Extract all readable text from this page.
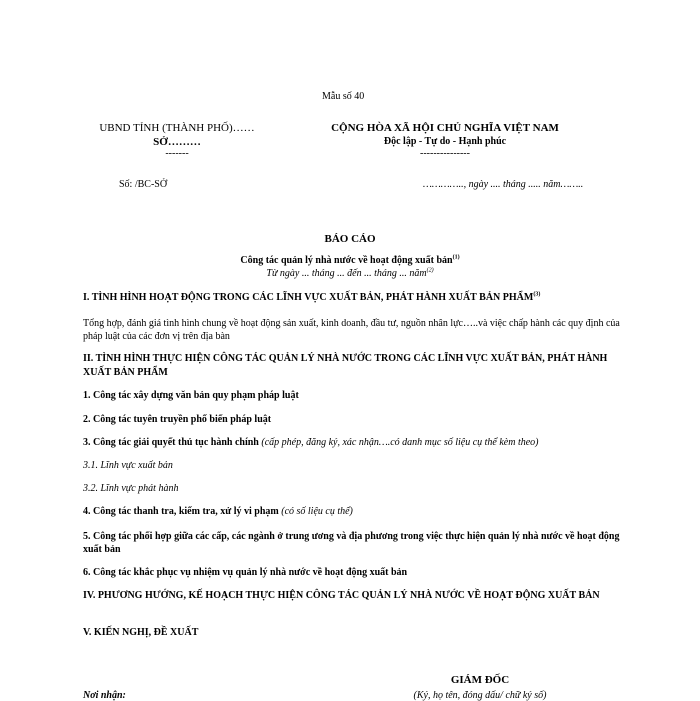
Mẫu số 40
UBND TỈNH (THÀNH PHỐ)……
SỞ………
-------
CỘNG HÒA XÃ HỘI CHỦ NGHĨA VIỆT NAM
Độc lập - Tự do - Hạnh phúc
---------------
Số: /BC-SỞ	………….., ngày .... tháng ..... năm……..
BÁO CÁO
Công tác quản lý nhà nước về hoạt động xuất bản$^{(1)}$
Từ ngày ... tháng ... đến ... tháng ... năm$^{(2)}$
I. TÌNH HÌNH HOẠT ĐỘNG TRONG CÁC LĨNH VỰC XUẤT BẢN, PHÁT HÀNH XUẤT BẢN PHẨM$^{(3)}$
Tổng hợp, đánh giá tình hình chung về hoạt động sản xuất, kinh doanh, đầu tư, nguồn nhân lực…..và việc chấp hành các quy định của pháp luật của các đơn vị trên địa bàn
II. TÌNH HÌNH THỰC HIỆN CÔNG TÁC QUẢN LÝ NHÀ NƯỚC TRONG CÁC LĨNH VỰC XUẤT BẢN, PHÁT HÀNH XUẤT BẢN PHẨM
1. Công tác xây dựng văn bản quy phạm pháp luật
2. Công tác tuyên truyền phổ biến pháp luật
3. Công tác giải quyết thủ tục hành chính (cấp phép, đăng ký, xác nhận….có danh mục số liệu cụ thể kèm theo)
3.1. Lĩnh vực xuất bản
3.2. Lĩnh vực phát hành
4. Công tác thanh tra, kiểm tra, xử lý vi phạm (có số liệu cụ thể)
5. Công tác phối hợp giữa các cấp, các ngành ở trung ương và địa phương trong việc thực hiện quản lý nhà nước về hoạt động xuất bản
6. Công tác khắc phục vụ nhiệm vụ quản lý nhà nước về hoạt động xuất bản
IV. PHƯƠNG HƯỚNG, KẾ HOẠCH THỰC HIỆN CÔNG TÁC QUẢN LÝ NHÀ NƯỚC VỀ HOẠT ĐỘNG XUẤT BẢN
V. KIẾN NGHỊ, ĐỀ XUẤT
GIÁM ĐỐC
(Ký, họ tên, đóng dấu/ chữ ký số)
Nơi nhận:
